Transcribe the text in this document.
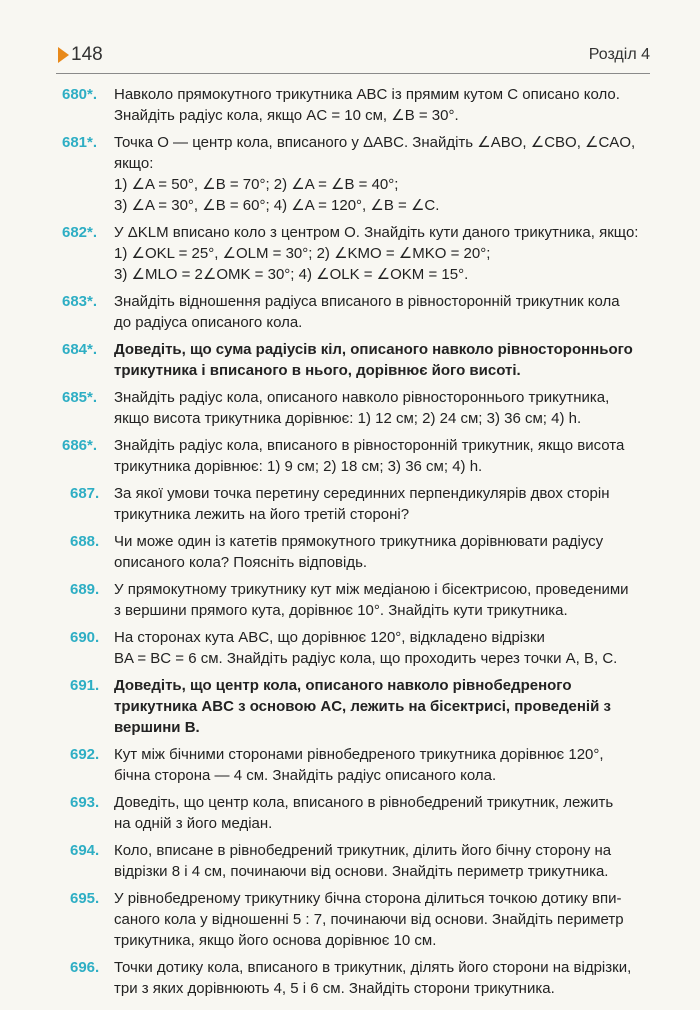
148	Розділ 4
680*. Навколо прямокутного трикутника ABC із прямим кутом C описано коло.
Знайдіть радіус кола, якщо AC = 10 см, ∠B = 30°.
681*. Точка O — центр кола, вписаного у ΔABC. Знайдіть ∠ABO, ∠CBO, ∠CAO,
якщо:
1) ∠A = 50°, ∠B = 70°; 2) ∠A = ∠B = 40°;
3) ∠A = 30°, ∠B = 60°; 4) ∠A = 120°, ∠B = ∠C.
682*. У ΔKLM вписано коло з центром O. Знайдіть кути даного трикутника, якщо:
1) ∠OKL = 25°, ∠OLM = 30°; 2) ∠KMO = ∠MKO = 20°;
3) ∠MLO = 2∠OMK = 30°; 4) ∠OLK = ∠OKM = 15°.
683*. Знайдіть відношення радіуса вписаного в рівносторонній трикутник кола
до радіуса описаного кола.
684*. Доведіть, що сума радіусів кіл, описаного навколо рівностороннього
трикутника і вписаного в нього, дорівнює його висоті.
685*. Знайдіть радіус кола, описаного навколо рівностороннього трикутника,
якщо висота трикутника дорівнює: 1) 12 см; 2) 24 см; 3) 36 см; 4) h.
686*. Знайдіть радіус кола, вписаного в рівносторонній трикутник, якщо висота
трикутника дорівнює: 1) 9 см; 2) 18 см; 3) 36 см; 4) h.
687. За якої умови точка перетину серединних перпендикулярів двох сторін
трикутника лежить на його третій стороні?
688. Чи може один із катетів прямокутного трикутника дорівнювати радіусу
описаного кола? Поясніть відповідь.
689. У прямокутному трикутнику кут між медіаною і бісектрисою, проведеними
з вершини прямого кута, дорівнює 10°. Знайдіть кути трикутника.
690. На сторонах кута ABC, що дорівнює 120°, відкладено відрізки
BA = BC = 6 см. Знайдіть радіус кола, що проходить через точки A, B, C.
691. Доведіть, що центр кола, описаного навколо рівнобедреного
трикутника ABC з основою AC, лежить на бісектрисі, проведеній з
вершини B.
692. Кут між бічними сторонами рівнобедреного трикутника дорівнює 120°,
бічна сторона — 4 см. Знайдіть радіус описаного кола.
693. Доведіть, що центр кола, вписаного в рівнобедрений трикутник, лежить
на одній з його медіан.
694. Коло, вписане в рівнобедрений трикутник, ділить його бічну сторону на
відрізки 8 і 4 см, починаючи від основи. Знайдіть периметр трикутника.
695. У рівнобедреному трикутнику бічна сторона ділиться точкою дотику впи-
саного кола у відношенні 5 : 7, починаючи від основи. Знайдіть периметр
трикутника, якщо його основа дорівнює 10 см.
696. Точки дотику кола, вписаного в трикутник, ділять його сторони на відрізки,
три з яких дорівнюють 4, 5 і 6 см. Знайдіть сторони трикутника.
